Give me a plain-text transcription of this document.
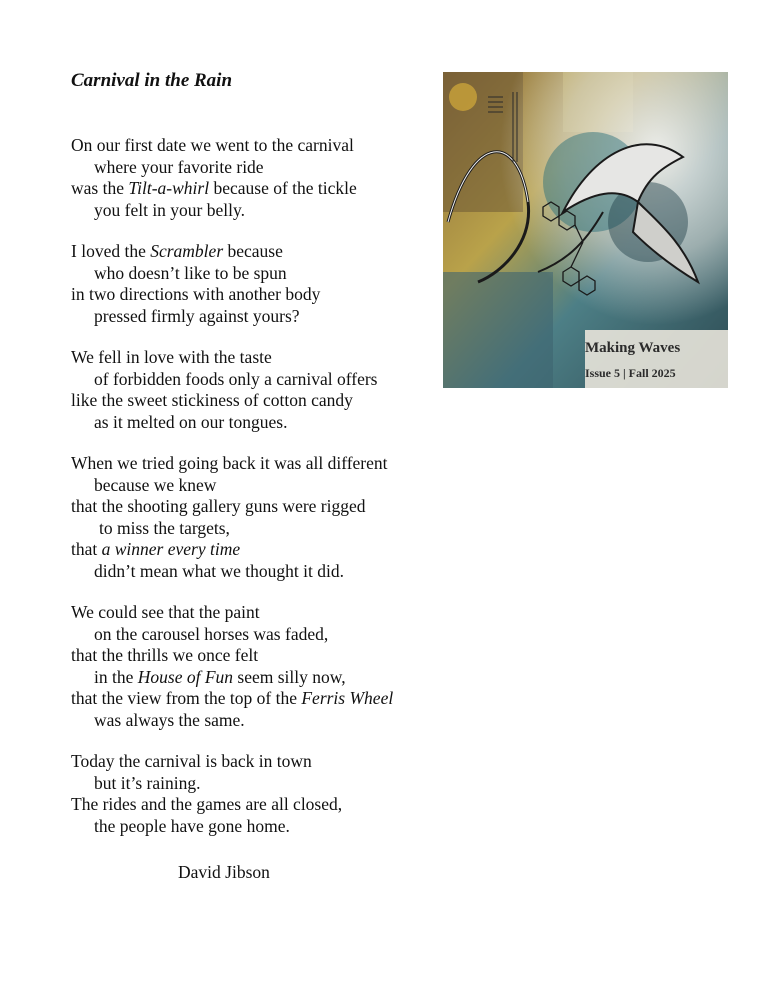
Carnival in the Rain
On our first date we went to the carnival
where your favorite ride
was the Tilt-a-whirl because of the tickle
you felt in your belly.
I loved the Scrambler because
who doesn’t like to be spun
in two directions with another body
pressed firmly against yours?
We fell in love with the taste
of forbidden foods only a carnival offers
like the sweet stickiness of cotton candy
as it melted on our tongues.
When we tried going back it was all different
because we knew
that the shooting gallery guns were rigged
to miss the targets,
that a winner every time
didn’t mean what we thought it did.
We could see that the paint
on the carousel horses was faded,
that the thrills we once felt
in the House of Fun seem silly now,
that the view from the top of the Ferris Wheel
was always the same.
Today the carnival is back in town
but it’s raining.
The rides and the games are all closed,
the people have gone home.
David Jibson
Making Waves
Issue 5 | Fall 2025
